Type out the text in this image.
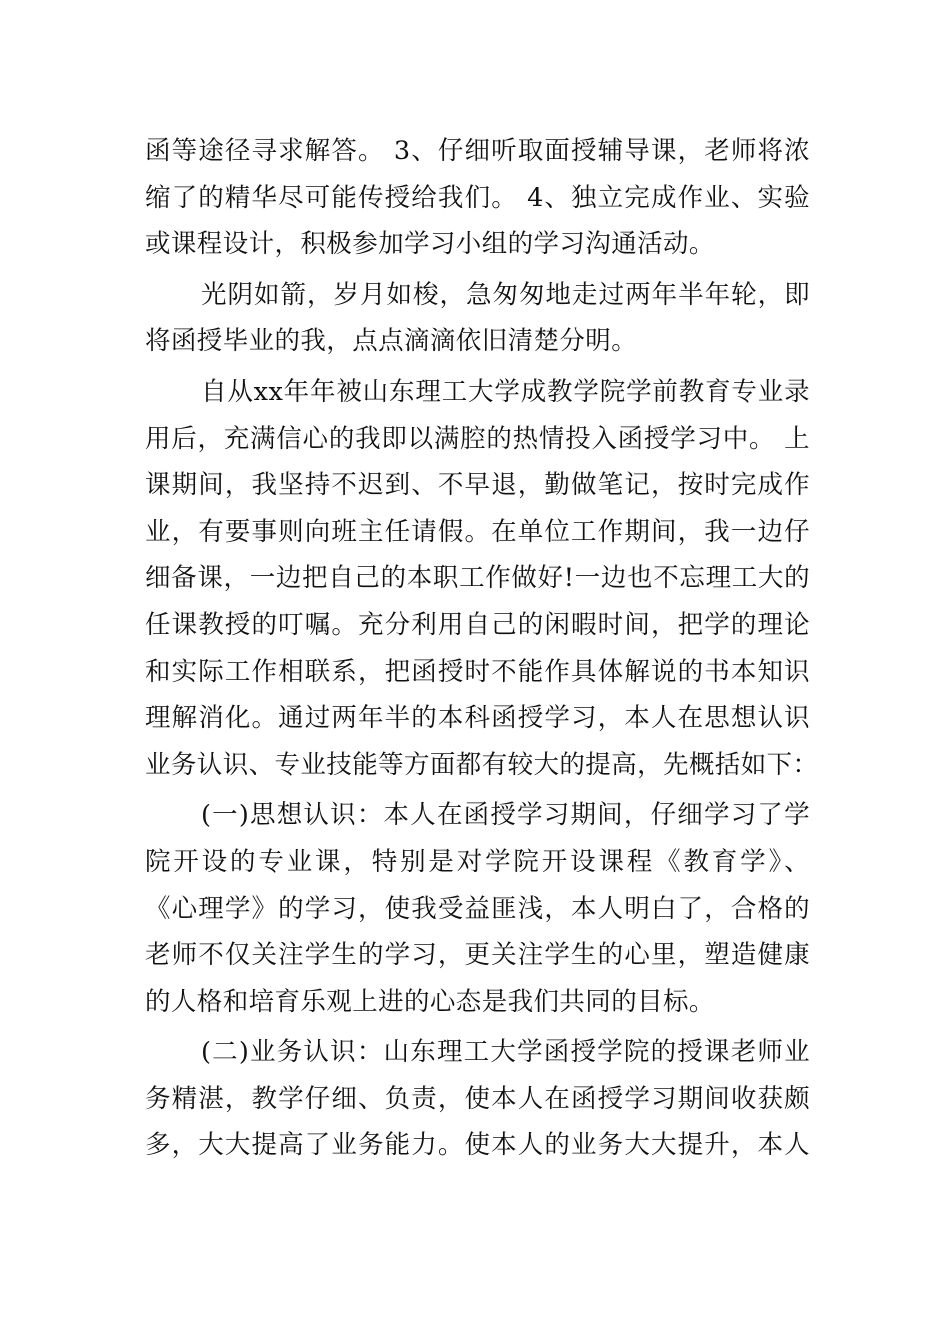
函等途径寻求解答。 3、仔细听取面授辅导课，老师将浓
缩了的精华尽可能传授给我们。 4、独立完成作业、实验
或课程设计，积极参加学习小组的学习沟通活动。
光阴如箭，岁月如梭，急匆匆地走过两年半年轮，即
将函授毕业的我，点点滴滴依旧清楚分明。
自从xx年年被山东理工大学成教学院学前教育专业录
用后，充满信心的我即以满腔的热情投入函授学习中。 上
课期间，我坚持不迟到、不早退，勤做笔记，按时完成作
业，有要事则向班主任请假。在单位工作期间，我一边仔
细备课，一边把自己的本职工作做好!一边也不忘理工大的
任课教授的叮嘱。充分利用自己的闲暇时间，把学的理论
和实际工作相联系，把函授时不能作具体解说的书本知识
理解消化。通过两年半的本科函授学习，本人在思想认识
业务认识、专业技能等方面都有较大的提高，先概括如下：
(一)思想认识：本人在函授学习期间，仔细学习了学
院开设的专业课，特别是对学院开设课程《教育学》、
《心理学》的学习，使我受益匪浅，本人明白了，合格的
老师不仅关注学生的学习，更关注学生的心里，塑造健康
的人格和培育乐观上进的心态是我们共同的目标。
(二)业务认识：山东理工大学函授学院的授课老师业
务精湛，教学仔细、负责，使本人在函授学习期间收获颇
多，大大提高了业务能力。使本人的业务大大提升，本人
